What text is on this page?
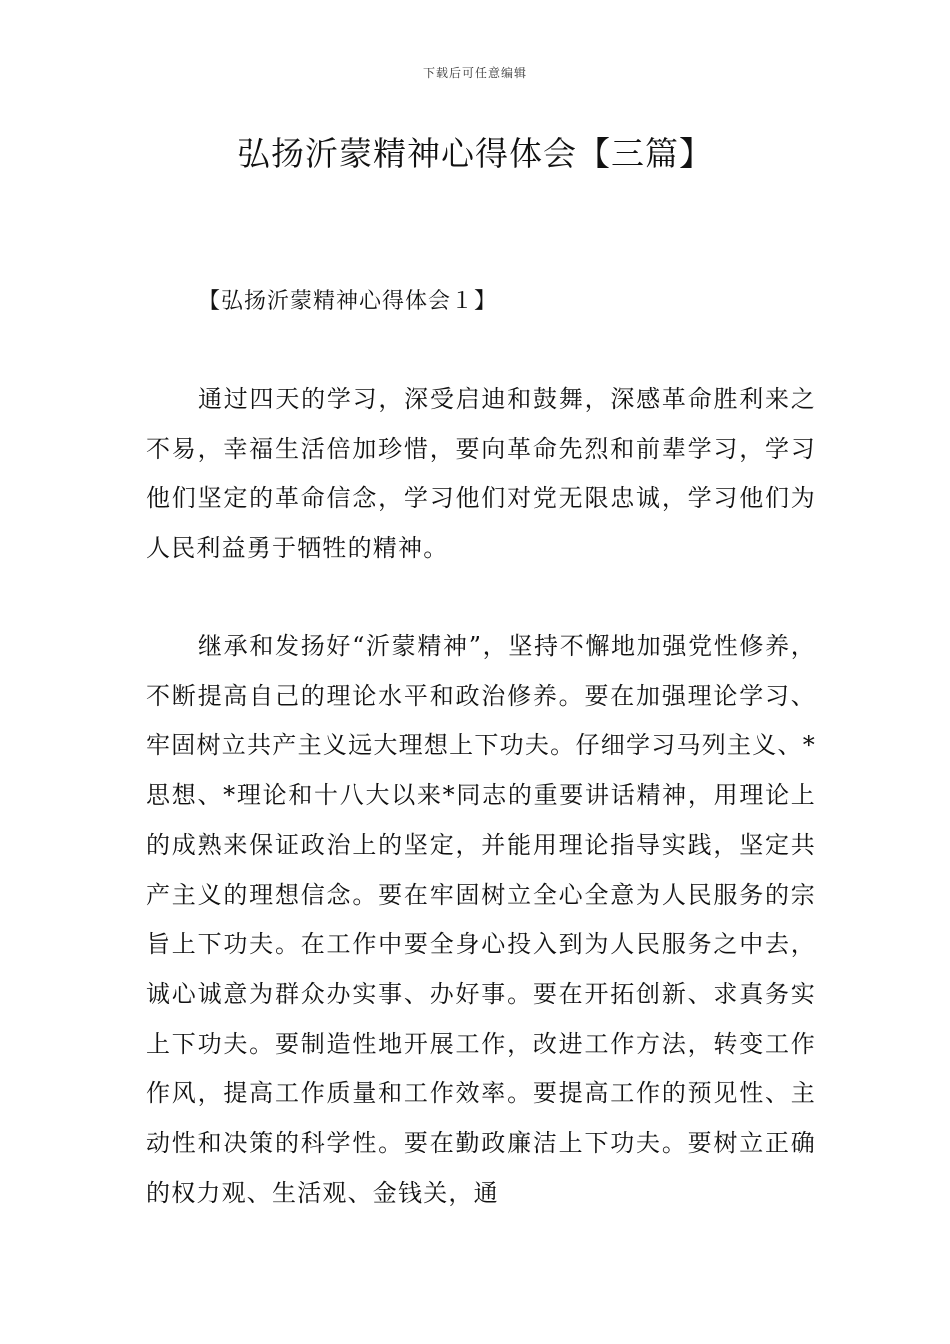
下载后可任意编辑
弘扬沂蒙精神心得体会【三篇】
【弘扬沂蒙精神心得体会１】

通过四天的学习，深受启迪和鼓舞，深感革命胜利来之不易，幸福生活倍加珍惜，要向革命先烈和前辈学习，学习他们坚定的革命信念，学习他们对党无限忠诚，学习他们为人民利益勇于牺牲的精神。

继承和发扬好“沂蒙精神”，坚持不懈地加强党性修养，不断提高自己的理论水平和政治修养。要在加强理论学习、牢固树立共产主义远大理想上下功夫。仔细学习马列主义、*思想、*理论和十八大以来*同志的重要讲话精神，用理论上的成熟来保证政治上的坚定，并能用理论指导实践，坚定共产主义的理想信念。要在牢固树立全心全意为人民服务的宗旨上下功夫。在工作中要全身心投入到为人民服务之中去，诚心诚意为群众办实事、办好事。要在开拓创新、求真务实上下功夫。要制造性地开展工作，改进工作方法，转变工作作风，提高工作质量和工作效率。要提高工作的预见性、主动性和决策的科学性。要在勤政廉洁上下功夫。要树立正确的权力观、生活观、金钱关，通
